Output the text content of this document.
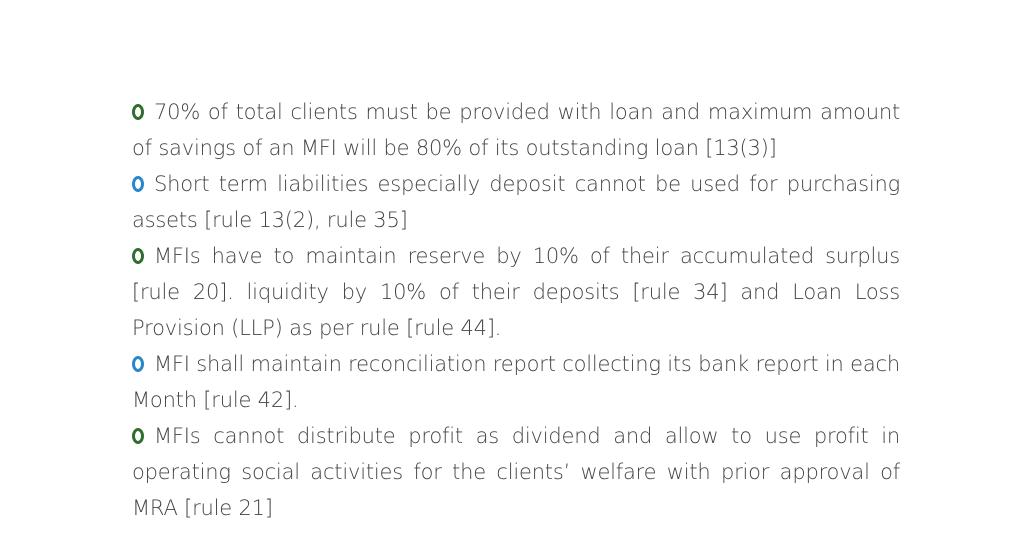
70% of total clients must be provided with loan and maximum amount of savings of an MFI will be 80% of its outstanding loan [13(3)]
Short term liabilities especially deposit cannot be used for purchasing assets [rule 13(2), rule 35]
MFIs have to maintain reserve by 10% of their accumulated surplus [rule 20]. liquidity by 10% of their deposits [rule 34] and Loan Loss Provision (LLP) as per rule [rule 44].
MFI shall maintain reconciliation report collecting its bank report in each Month [rule 42].
MFIs cannot distribute profit as dividend and allow to use profit in operating social activities for the clients’ welfare with prior approval of MRA [rule 21]
